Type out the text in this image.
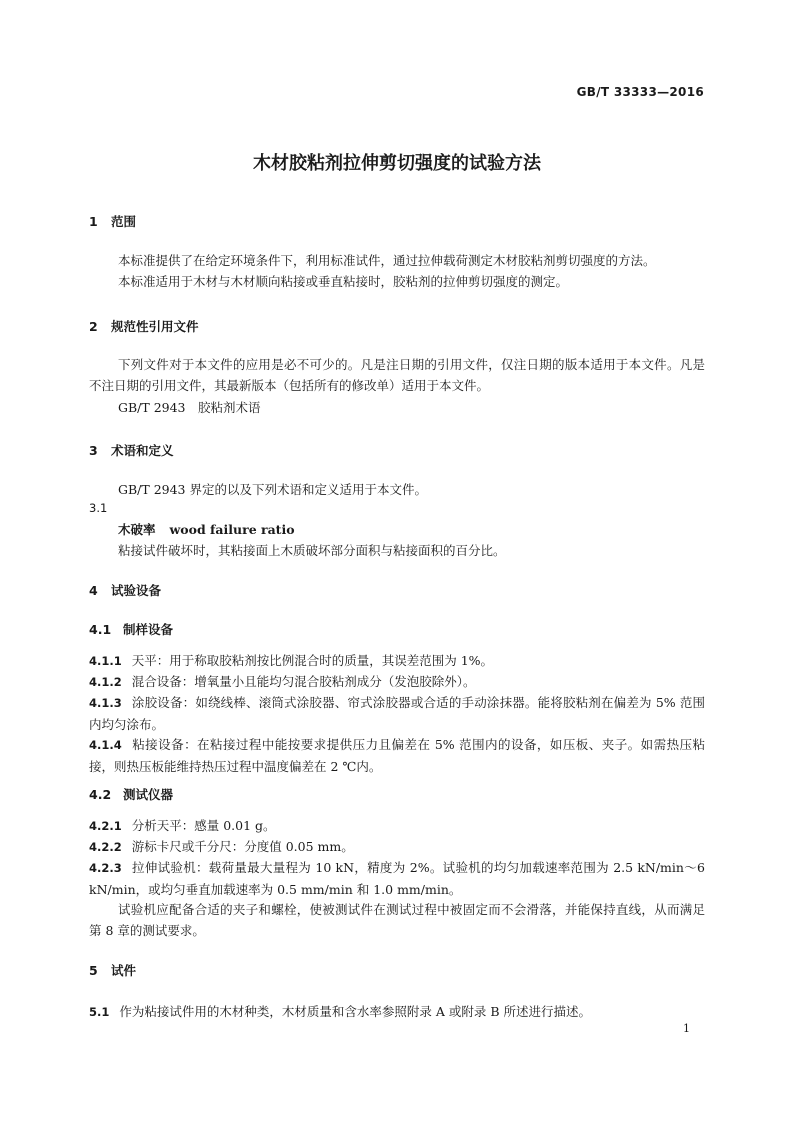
GB/T 33333—2016
木材胶粘剂拉伸剪切强度的试验方法
1 范围
本标准提供了在给定环境条件下，利用标准试件，通过拉伸载荷测定木材胶粘剂剪切强度的方法。
本标准适用于木材与木材顺向粘接或垂直粘接时，胶粘剂的拉伸剪切强度的测定。
2 规范性引用文件
下列文件对于本文件的应用是必不可少的。凡是注日期的引用文件，仅注日期的版本适用于本文件。凡是不注日期的引用文件，其最新版本（包括所有的修改单）适用于本文件。
GB/T 2943　胶粘剂术语
3 术语和定义
GB/T 2943 界定的以及下列术语和定义适用于本文件。
3.1
木破率 wood failure ratio
粘接试件破坏时，其粘接面上木质破坏部分面积与粘接面积的百分比。
4 试验设备
4.1 制样设备
4.1.1 天平：用于称取胶粘剂按比例混合时的质量，其误差范围为 1%。
4.1.2 混合设备：增氧量小且能均匀混合胶粘剂成分（发泡胶除外）。
4.1.3 涂胶设备：如绕线棒、滚筒式涂胶器、帘式涂胶器或合适的手动涂抹器。能将胶粘剂在偏差为 5% 范围内均匀涂布。
4.1.4 粘接设备：在粘接过程中能按要求提供压力且偏差在 5% 范围内的设备，如压板、夹子。如需热压粘接，则热压板能维持热压过程中温度偏差在 2 ℃内。
4.2 测试仪器
4.2.1 分析天平：感量 0.01 g。
4.2.2 游标卡尺或千分尺：分度值 0.05 mm。
4.2.3 拉伸试验机：载荷量最大量程为 10 kN，精度为 2%。试验机的均匀加载速率范围为 2.5 kN/min～6 kN/min，或均匀垂直加载速率为 0.5 mm/min 和 1.0 mm/min。
试验机应配备合适的夹子和螺栓，使被测试件在测试过程中被固定而不会滑落，并能保持直线，从而满足第 8 章的测试要求。
5 试件
5.1 作为粘接试件用的木材种类，木材质量和含水率参照附录 A 或附录 B 所述进行描述。
1
